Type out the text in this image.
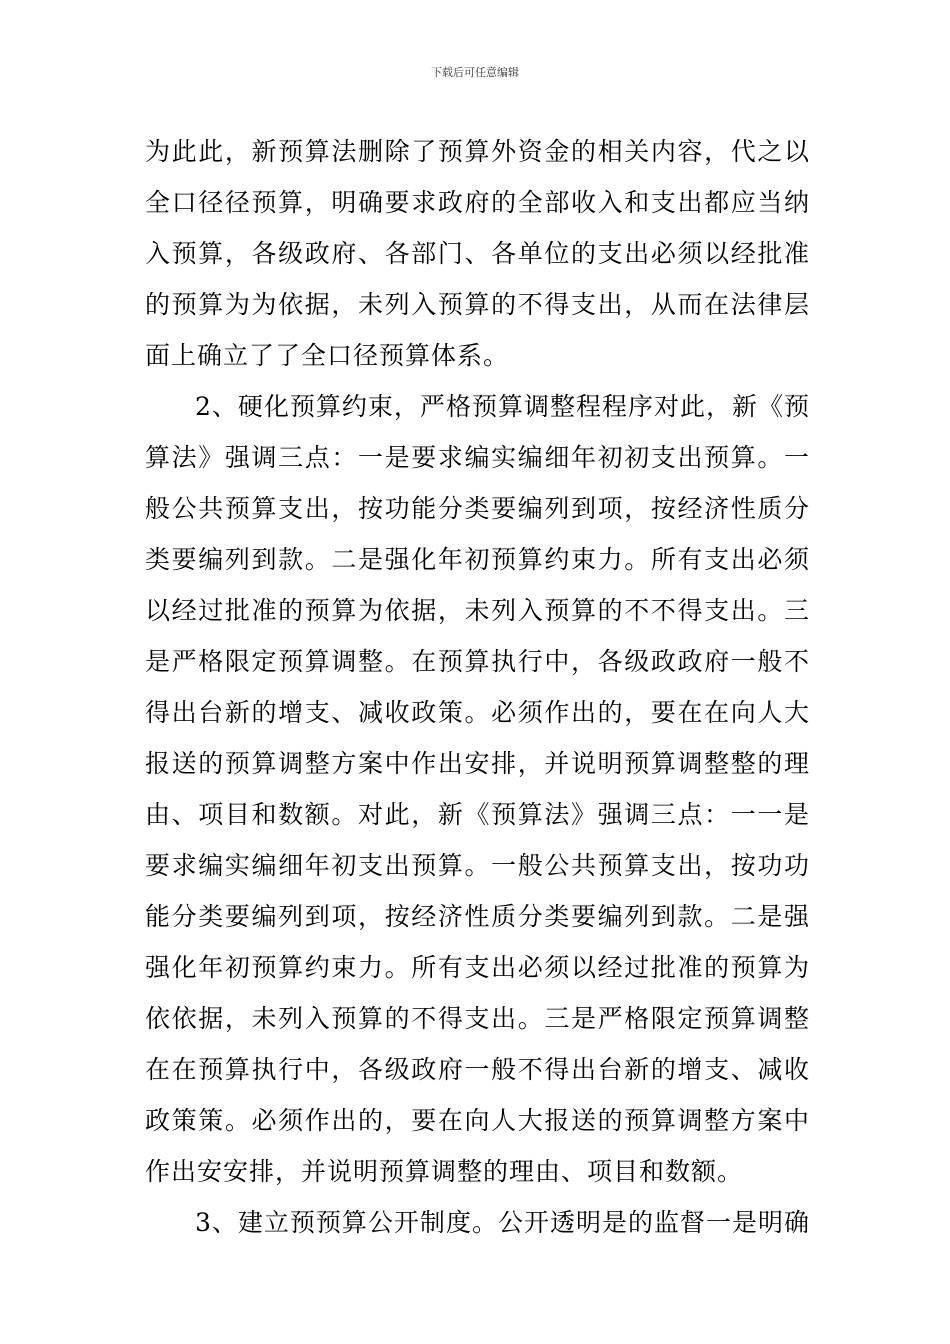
下载后可任意编辑
为此此，新预算法删除了预算外资金的相关内容，代之以
全口径径预算，明确要求政府的全部收入和支出都应当纳
入预算，各级政府、各部门、各单位的支出必须以经批准
的预算为为依据，未列入预算的不得支出，从而在法律层
面上确立了了全口径预算体系。
2、硬化预算约束，严格预算调整程程序对此，新《预
算法》强调三点：一是要求编实编细年初初支出预算。一
般公共预算支出，按功能分类要编列到项，按经济性质分
类要编列到款。二是强化年初预算约束力。所有支出必须
以经过批准的预算为依据，未列入预算的不不得支出。三
是严格限定预算调整。在预算执行中，各级政政府一般不
得出台新的增支、减收政策。必须作出的，要在在向人大
报送的预算调整方案中作出安排，并说明预算调整整的理
由、项目和数额。对此，新《预算法》强调三点：一一是
要求编实编细年初支出预算。一般公共预算支出，按功功
能分类要编列到项，按经济性质分类要编列到款。二是强
强化年初预算约束力。所有支出必须以经过批准的预算为
依依据，未列入预算的不得支出。三是严格限定预算调整
在在预算执行中，各级政府一般不得出台新的增支、减收
政策策。必须作出的，要在向人大报送的预算调整方案中
作出安安排，并说明预算调整的理由、项目和数额。
3、建立预预算公开制度。公开透明是的监督一是明确
